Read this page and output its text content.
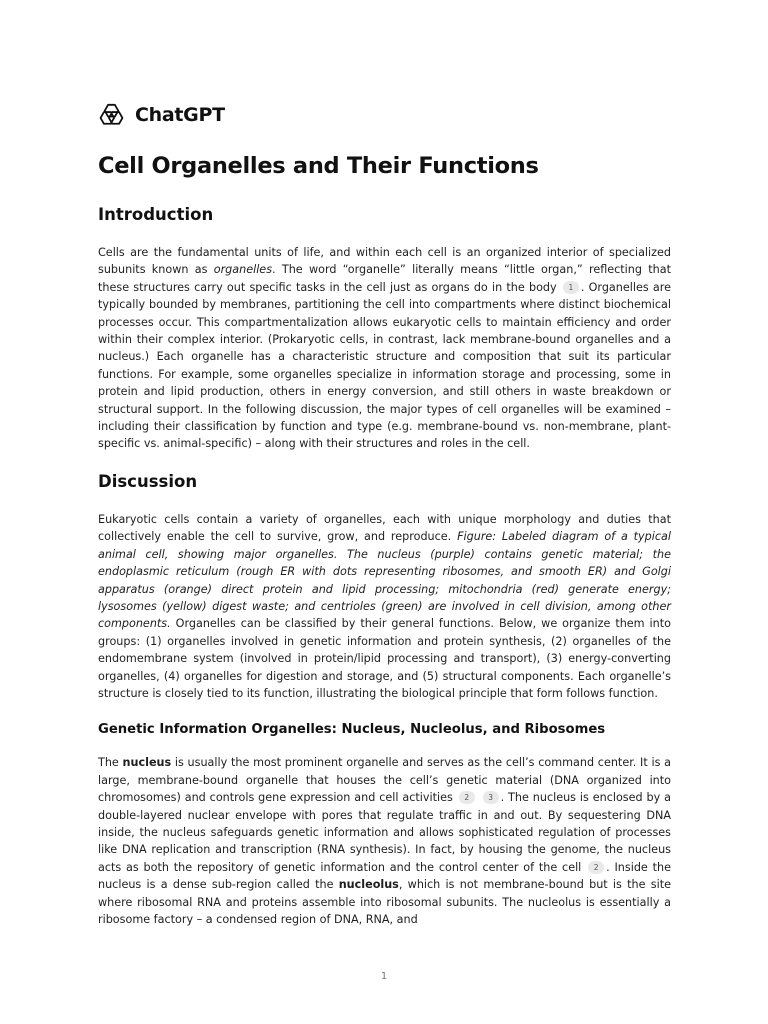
ChatGPT
Cell Organelles and Their Functions
Introduction

Cells are the fundamental units of life, and within each cell is an organized interior of specialized subunits known as organelles. The word “organelle” literally means “little organ,” reflecting that these structures carry out specific tasks in the cell just as organs do in the body 1 . Organelles are typically bounded by membranes, partitioning the cell into compartments where distinct biochemical processes occur. This compartmentalization allows eukaryotic cells to maintain efficiency and order within their complex interior. (Prokaryotic cells, in contrast, lack membrane-bound organelles and a nucleus.) Each organelle has a characteristic structure and composition that suit its particular functions. For example, some organelles specialize in information storage and processing, some in protein and lipid production, others in energy conversion, and still others in waste breakdown or structural support. In the following discussion, the major types of cell organelles will be examined – including their classification by function and type (e.g. membrane-bound vs. non-membrane, plant-specific vs. animal-specific) – along with their structures and roles in the cell.

Discussion

Eukaryotic cells contain a variety of organelles, each with unique morphology and duties that collectively enable the cell to survive, grow, and reproduce. Figure: Labeled diagram of a typical animal cell, showing major organelles. The nucleus (purple) contains genetic material; the endoplasmic reticulum (rough ER with dots representing ribosomes, and smooth ER) and Golgi apparatus (orange) direct protein and lipid processing; mitochondria (red) generate energy; lysosomes (yellow) digest waste; and centrioles (green) are involved in cell division, among other components. Organelles can be classified by their general functions. Below, we organize them into groups: (1) organelles involved in genetic information and protein synthesis, (2) organelles of the endomembrane system (involved in protein/lipid processing and transport), (3) energy-converting organelles, (4) organelles for digestion and storage, and (5) structural components. Each organelle’s structure is closely tied to its function, illustrating the biological principle that form follows function.

Genetic Information Organelles: Nucleus, Nucleolus, and Ribosomes

The nucleus is usually the most prominent organelle and serves as the cell’s command center. It is a large, membrane-bound organelle that houses the cell’s genetic material (DNA organized into chromosomes) and controls gene expression and cell activities 2	3 . The nucleus is enclosed by a double-layered nuclear envelope with pores that regulate traffic in and out. By sequestering DNA inside, the nucleus safeguards genetic information and allows sophisticated regulation of processes like DNA replication and transcription (RNA synthesis). In fact, by housing the genome, the nucleus acts as both the repository of genetic information and the control center of the cell 2 . Inside the nucleus is a dense sub-region called the nucleolus, which is not membrane-bound but is the site where ribosomal RNA and proteins assemble into ribosomal subunits. The nucleolus is essentially a ribosome factory – a condensed region of DNA, RNA, and

1
